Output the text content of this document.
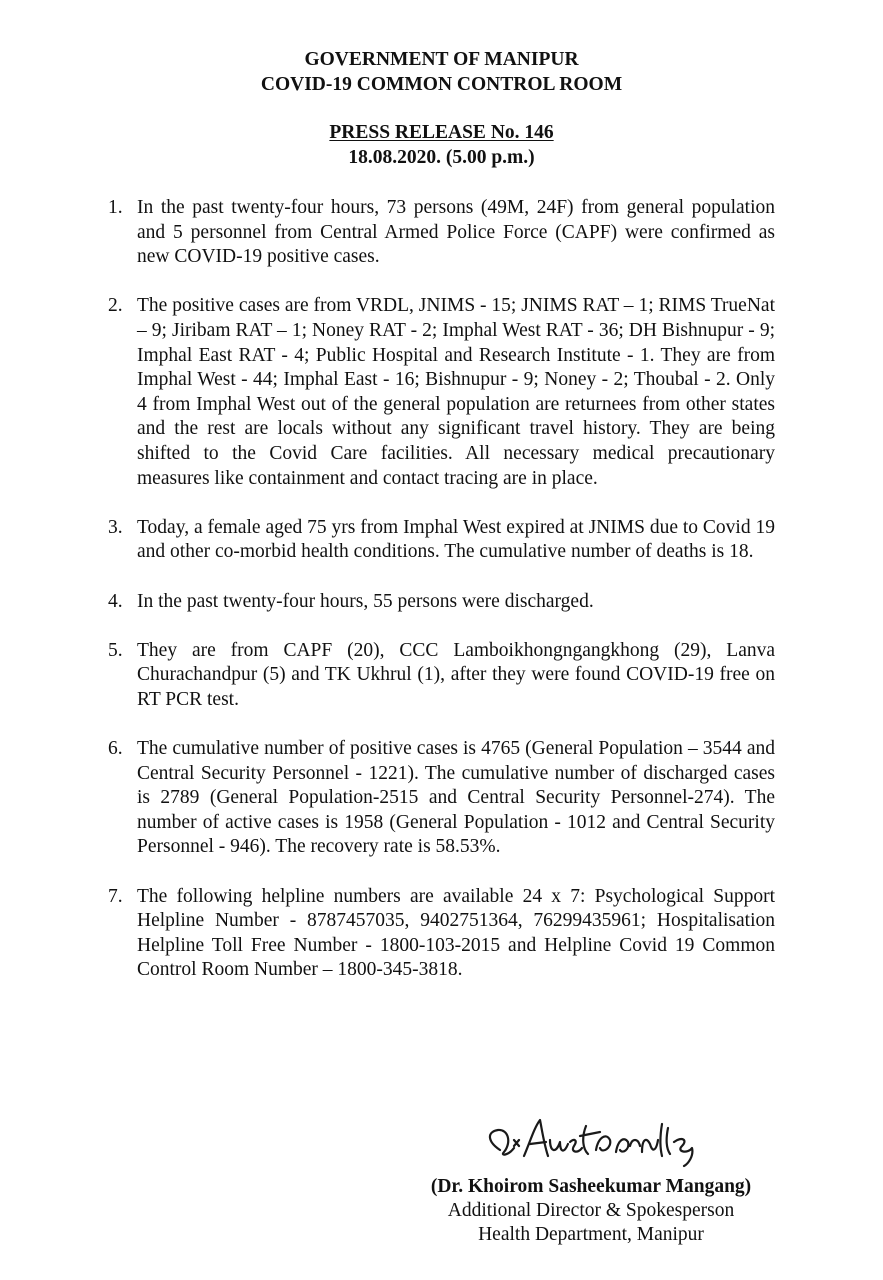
GOVERNMENT OF MANIPUR
COVID-19 COMMON CONTROL ROOM
PRESS RELEASE No. 146
18.08.2020. (5.00 p.m.)
1. In the past twenty-four hours, 73 persons (49M, 24F) from general population and 5 personnel from Central Armed Police Force (CAPF) were confirmed as new COVID-19 positive cases.
2. The positive cases are from VRDL, JNIMS - 15; JNIMS RAT – 1; RIMS TrueNat – 9; Jiribam RAT – 1; Noney RAT - 2; Imphal West RAT - 36; DH Bishnupur - 9; Imphal East RAT - 4; Public Hospital and Research Institute - 1. They are from Imphal West - 44; Imphal East - 16; Bishnupur - 9; Noney - 2; Thoubal - 2. Only 4 from Imphal West out of the general population are returnees from other states and the rest are locals without any significant travel history. They are being shifted to the Covid Care facilities. All necessary medical precautionary measures like containment and contact tracing are in place.
3. Today, a female aged 75 yrs from Imphal West expired at JNIMS due to Covid 19 and other co-morbid health conditions. The cumulative number of deaths is 18.
4. In the past twenty-four hours, 55 persons were discharged.
5. They are from CAPF (20), CCC Lamboikhongngangkhong (29), Lanva Churachandpur (5) and TK Ukhrul (1), after they were found COVID-19 free on RT PCR test.
6. The cumulative number of positive cases is 4765 (General Population – 3544 and Central Security Personnel - 1221). The cumulative number of discharged cases is 2789 (General Population-2515 and Central Security Personnel-274). The number of active cases is 1958 (General Population - 1012 and Central Security Personnel - 946). The recovery rate is 58.53%.
7. The following helpline numbers are available 24 x 7: Psychological Support Helpline Number - 8787457035, 9402751364, 76299435961; Hospitalisation Helpline Toll Free Number - 1800-103-2015 and Helpline Covid 19 Common Control Room Number – 1800-345-3818.
(Dr. Khoirom Sasheekumar Mangang)
Additional Director & Spokesperson
Health Department, Manipur
